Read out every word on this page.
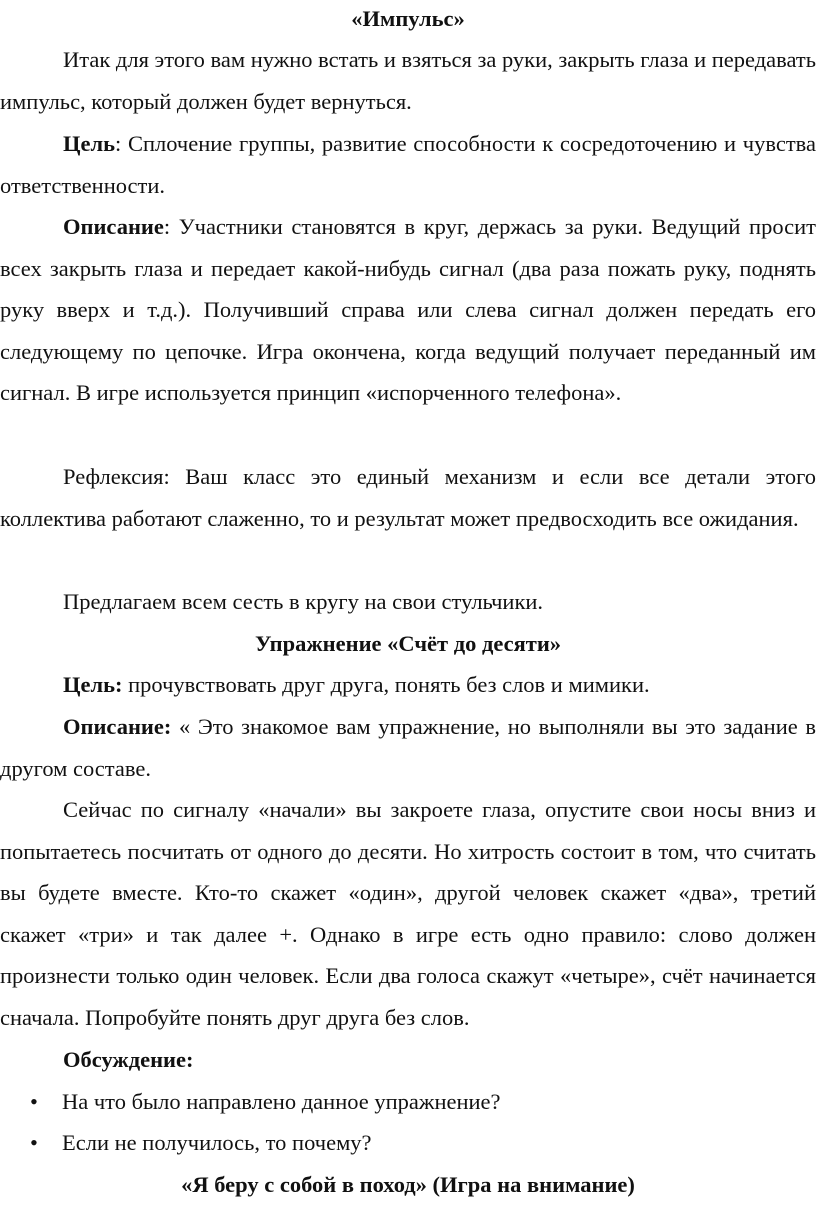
«Импульс»

Итак для этого вам нужно встать и взяться за руки, закрыть глаза и передавать импульс, который должен будет вернуться.

Цель: Сплочение группы, развитие способности к сосредоточению и чувства ответственности.

Описание: Участники становятся в круг, держась за руки. Ведущий просит всех закрыть глаза и передает какой-нибудь сигнал (два раза пожать руку, поднять руку вверх и т.д.). Получивший справа или слева сигнал должен передать его следующему по цепочке. Игра окончена, когда ведущий получает переданный им сигнал. В игре используется принцип «испорченного телефона».

Рефлексия: Ваш класс это единый механизм и если все детали этого коллектива работают слаженно, то и результат может предвосходить все ожидания.

Предлагаем всем сесть в кругу на свои стульчики.

Упражнение «Счёт до десяти»

Цель: прочувствовать друг друга, понять без слов и мимики.

Описание: « Это знакомое вам упражнение, но выполняли вы это задание в другом составе.

Сейчас по сигналу «начали» вы закроете глаза, опустите свои носы вниз и попытаетесь посчитать от одного до десяти. Но хитрость состоит в том, что считать вы будете вместе. Кто-то скажет «один», другой человек скажет «два», третий скажет «три» и так далее +. Однако в игре есть одно правило: слово должен произнести только один человек. Если два голоса скажут «четыре», счёт начинается сначала. Попробуйте понять друг друга без слов.

Обсуждение:

• На что было направлено данное упражнение?
• Если не получилось, то почему?

«Я беру с собой в поход» (Игра на внимание)
